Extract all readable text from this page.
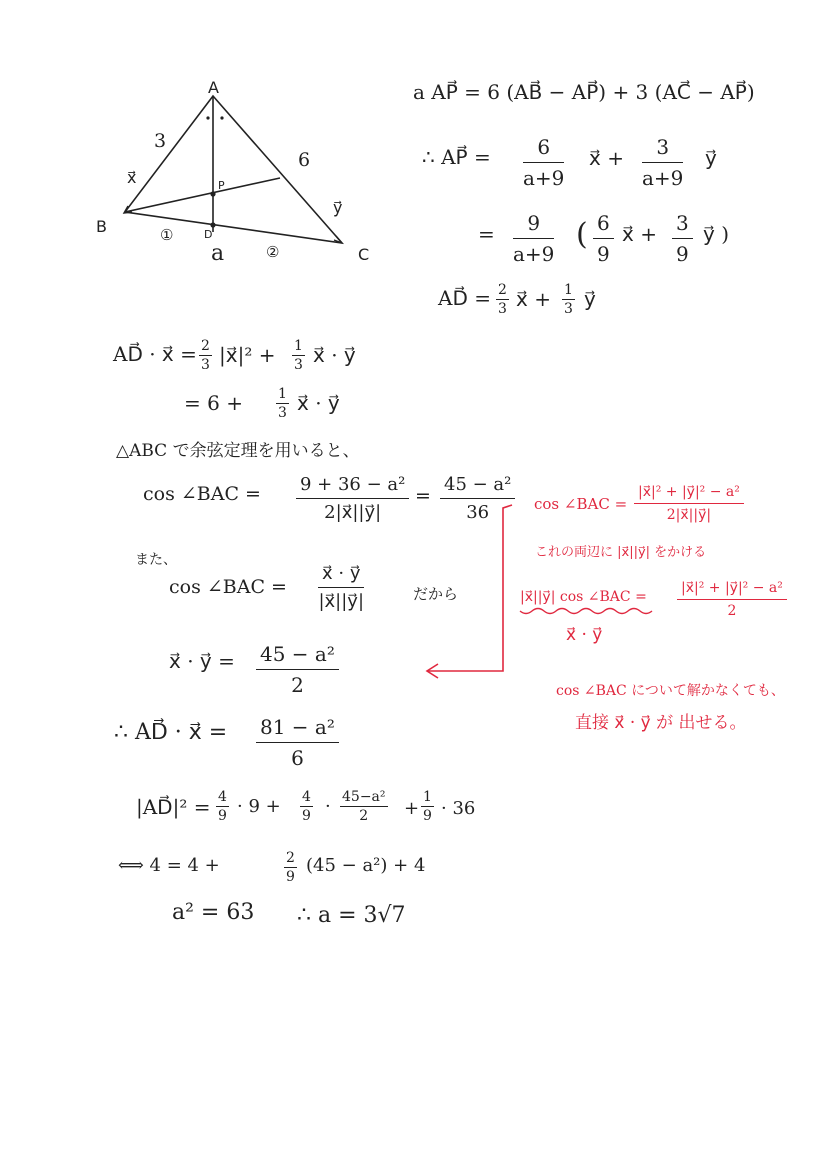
A
B
C
P
D
3
6
a
①
②
x⃗
y⃗
a AP⃗ = 6 (AB⃗ − AP⃗) + 3 (AC⃗ − AP⃗)
∴ AP⃗ = 6
a+9
x⃗ + 3
a+9
y⃗
= 9
a+9
( 6
9
x⃗ + 3
9
y⃗ )
AD⃗ = 2
3 x⃗ + 1
3 y⃗
AD⃗ · x⃗ = 2
3 |x⃗|² + 1
3 x⃗ · y⃗
= 6 +	1
3 x⃗ · y⃗
△ABC で余弦定理を用いると、
cos ∠BAC = 9 + 36 − a²
2|x⃗||y⃗|
=
45 − a²
36
また、
cos ∠BAC =
x⃗ · y⃗
|x⃗||y⃗|	だから
x⃗ · y⃗ = 45 − a²
2
∴ AD⃗ · x⃗ = 81 − a²
6
|AD⃗|² = 4
9 · 9 + 4
9 · 45−a²
2 +
1
9 · 36
⟺ 4 = 4 +	2
9
(45 − a²) + 4
a² = 63 ∴ a = 3√7
cos ∠BAC =
|x⃗|² + |y⃗|² − a²
2|x⃗||y⃗|
これの両辺に |x⃗||y⃗| をかける
|x⃗||y⃗| cos ∠BAC =
|x⃗|² + |y⃗|² − a²
2
x⃗ · y⃗
cos ∠BAC について解かなくても、
直接 x⃗ · y⃗ が 出せる。
